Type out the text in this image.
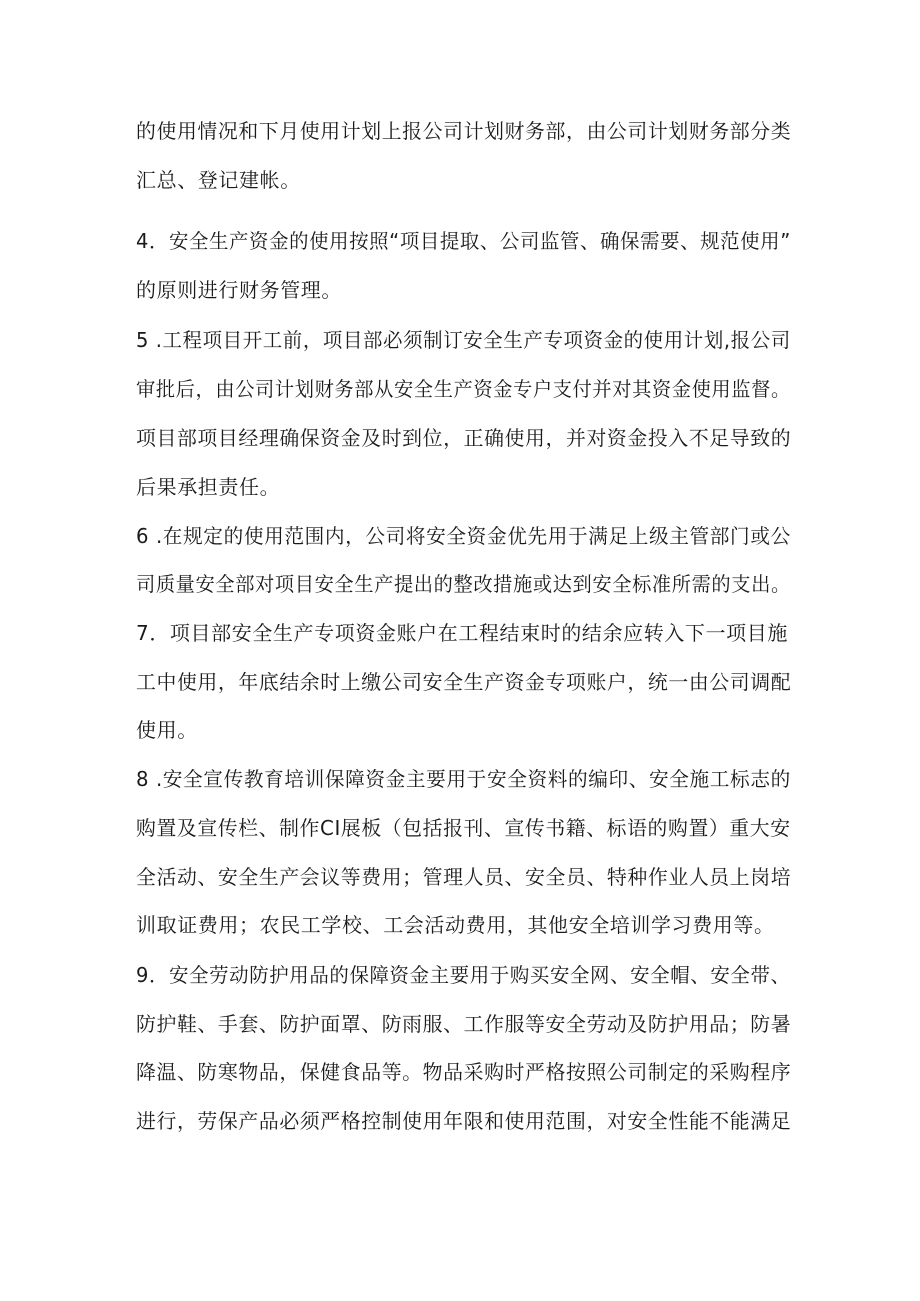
的使用情况和下月使用计划上报公司计划财务部，由公司计划财务部分类
汇总、登记建帐。
4．安全生产资金的使用按照“项目提取、公司监管、确保需要、规范使用”
的原则进行财务管理。
5 .工程项目开工前，项目部必须制订安全生产专项资金的使用计划,报公司
审批后，由公司计划财务部从安全生产资金专户支付并对其资金使用监督。
项目部项目经理确保资金及时到位，正确使用，并对资金投入不足导致的
后果承担责任。
6 .在规定的使用范围内，公司将安全资金优先用于满足上级主管部门或公
司质量安全部对项目安全生产提出的整改措施或达到安全标准所需的支出。
7．项目部安全生产专项资金账户在工程结束时的结余应转入下一项目施
工中使用，年底结余时上缴公司安全生产资金专项账户，统一由公司调配
使用。
8 .安全宣传教育培训保障资金主要用于安全资料的编印、安全施工标志的
购置及宣传栏、制作CI展板（包括报刊、宣传书籍、标语的购置）重大安
全活动、安全生产会议等费用；管理人员、安全员、特种作业人员上岗培
训取证费用；农民工学校、工会活动费用，其他安全培训学习费用等。
9．安全劳动防护用品的保障资金主要用于购买安全网、安全帽、安全带、
防护鞋、手套、防护面罩、防雨服、工作服等安全劳动及防护用品；防暑
降温、防寒物品，保健食品等。物品采购时严格按照公司制定的采购程序
进行，劳保产品必须严格控制使用年限和使用范围，对安全性能不能满足
